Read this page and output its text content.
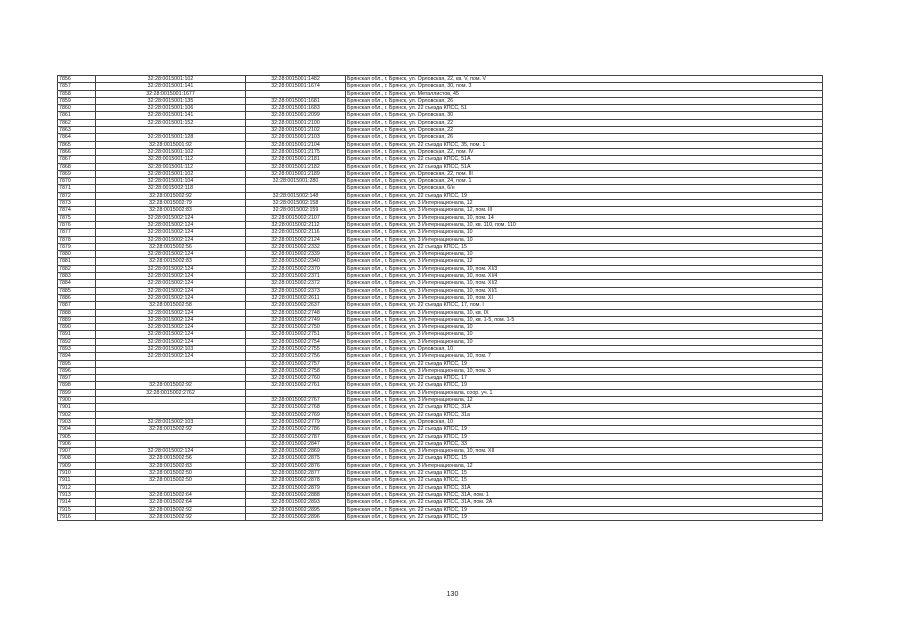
7856	32:28:0015001:102	32:28:0015001:1482	Брянская обл., г. Брянск, ул. Орловская, 22, кв. V, пом. V
7857	32:28:0015001:141	32:28:0015001:1674	Брянская обл., г. Брянск, ул. Орловская, 30, пом. 3
7858	32:28:0015001:1677		Брянская обл., г. Брянск, ул. Металлистов, 45
7859	32:28:0015001:135	32:28:0015001:1681	Брянская обл., г. Брянск, ул. Орловская, 26
7860	32:28:0015001:106	32:28:0015001:1683	Брянская обл., г. Брянск, ул. 22 съезда КПСС, 51
7861	32:28:0015001:141	32:28:0015001:2099	Брянская обл., г. Брянск, ул. Орловская, 30
7862	32:28:0015001:152	32:28:0015001:2100	Брянская обл., г. Брянск, ул. Орловская, 22
7863		32:28:0015001:2102	Брянская обл., г. Брянск, ул. Орловская, 22
7864	32:28:0015001:128	32:28:0015001:2103	Брянская обл., г. Брянск, ул. Орловская, 26
7865	32:28:0015001:92	32:28:0015001:2104	Брянская обл., г. Брянск, ул. 22 съезда КПСС, 35, пом. 1
7866	32:28:0015001:102	32:28:0015001:2175	Брянская обл., г. Брянск, ул. Орловская, 22, пом. IV
7867	32:28:0015001:112	32:28:0015001:2181	Брянская обл., г. Брянск, ул. 22 съезда КПСС, 51А
7868	32:28:0015001:112	32:28:0015001:2182	Брянская обл., г. Брянск, ул. 22 съезда КПСС, 51А
7869	32:28:0015001:102	32:28:0015001:2189	Брянская обл., г. Брянск, ул. Орловская, 22, пом. III
7870	32:28:0015001:104	32:28:0015001:280	Брянская обл., г. Брянск, ул. Орловская, 24, пом. 1
7871	32:28:0015002:118		Брянская обл., г. Брянск, ул. Орловская, 6/н
7872	32:28:0015002:92	32:28:0015002:148	Брянская обл., г. Брянск, ул. 22 съезда КПСС, 19
7873	32:28:0015002:79	32:28:0015002:158	Брянская обл., г. Брянск, ул. 3 Интернационала, 12
7874	32:28:0015002:83	32:28:0015002:159	Брянская обл., г. Брянск, ул. 3 Интернационала, 12, пом. III
7875	32:28:0015002:124	32:28:0015002:2107	Брянская обл., г. Брянск, ул. 3 Интернационала, 10, пом. 14
7876	32:28:0015002:124	32:28:0015002:2112	Брянская обл., г. Брянск, ул. 3 Интернационала, 10, кв. 110, пом. 110
7877	32:28:0015002:124	32:28:0015002:2116	Брянская обл., г. Брянск, ул. 3 Интернационала, 10
7878	32:28:0015002:124	32:28:0015002:2124	Брянская обл., г. Брянск, ул. 3 Интернационала, 10
7879	32:28:0015002:56	32:28:0015002:2332	Брянская обл., г. Брянск, ул. 22 съезда КПСС, 15
7880	32:28:0015002:124	32:28:0015002:2339	Брянская обл., г. Брянск, ул. 3 Интернационала, 10
7881	32:28:0015002:83	32:28:0015002:2340	Брянская обл., г. Брянск, ул. 3 Интернационала, 12
7882	32:28:0015002:124	32:28:0015002:2370	Брянская обл., г. Брянск, ул. 3 Интернационала, 10, пом. XI/3
7883	32:28:0015002:124	32:28:0015002:2371	Брянская обл., г. Брянск, ул. 3 Интернационала, 10, пом. XI/4
7884	32:28:0015002:124	32:28:0015002:2372	Брянская обл., г. Брянск, ул. 3 Интернационала, 10, пом. XI/2
7885	32:28:0015002:124	32:28:0015002:2373	Брянская обл., г. Брянск, ул. 3 Интернационала, 10, пом. XI/1
7886	32:28:0015002:124	32:28:0015002:2611	Брянская обл., г. Брянск, ул. 3 Интернационала, 10, пом. XI
7887	32:28:0015002:58	32:28:0015002:2637	Брянская обл., г. Брянск, ул. 22 съезда КПСС, 17, пом. I
7888	32:28:0015002:124	32:28:0015002:2748	Брянская обл., г. Брянск, ул. 3 Интернационала, 10, кв. IX
7889	32:28:0015002:124	32:28:0015002:2749	Брянская обл., г. Брянск, ул. 3 Интернационала, 10, кв. 1-5, пом. 1-5
7890	32:28:0015002:124	32:28:0015002:2750	Брянская обл., г. Брянск, ул. 3 Интернационала, 10
7891	32:28:0015002:124	32:28:0015002:2751	Брянская обл., г. Брянск, ул. 3 Интернационала, 10
7892	32:28:0015002:124	32:28:0015002:2754	Брянская обл., г. Брянск, ул. 3 Интернационала, 10
7893	32:28:0015002:103	32:28:0015002:2755	Брянская обл., г. Брянск, ул. Орловская, 10
7894	32:28:0015002:124	32:28:0015002:2756	Брянская обл., г. Брянск, ул. 3 Интернационала, 10, пом. 7
7895		32:28:0015002:2757	Брянская обл., г. Брянск, ул. 22 съезда КПСС, 19
7896		32:28:0015002:2758	Брянская обл., г. Брянск, ул. 3 Интернационала, 10, пом. 3
7897		32:28:0015002:2760	Брянская обл., г. Брянск, ул. 22 съезда КПСС, 17
7898	32:28:0015002:92	32:28:0015002:2761	Брянская обл., г. Брянск, ул. 22 съезда КПСС, 19
7899	32:28:0015002:2762		Брянская обл., г. Брянск, ул. 3 Интернационала, соор. уч. 1
7900		32:28:0015002:2767	Брянская обл., г. Брянск, ул. 3 Интернационала, 12
7901		32:28:0015002:2768	Брянская обл., г. Брянск, ул. 22 съезда КПСС, 31А
7902		32:28:0015002:2769	Брянская обл., г. Брянск, ул. 22 съезда КПСС, 31а
7903	32:28:0015002:103	32:28:0015002:2779	Брянская обл., г. Брянск, ул. Орловская, 10
7904	32:28:0015002:92	32:28:0015002:2786	Брянская обл., г. Брянск, ул. 22 съезда КПСС, 19
7905		32:28:0015002:2787	Брянская обл., г. Брянск, ул. 22 съезда КПСС, 19
7906		32:28:0015002:2847	Брянская обл., г. Брянск, ул. 22 съезда КПСС, 33
7907	32:28:0015002:124	32:28:0015002:2869	Брянская обл., г. Брянск, ул. 3 Интернационала, 10, пом. XII
7908	32:28:0015002:56	32:28:0015002:2875	Брянская обл., г. Брянск, ул. 22 съезда КПСС, 15
7909	32:28:0015002:83	32:28:0015002:2876	Брянская обл., г. Брянск, ул. 3 Интернационала, 12
7910	32:28:0015002:50	32:28:0015002:2877	Брянская обл., г. Брянск, ул. 22 съезда КПСС, 15
7911	32:28:0015002:50	32:28:0015002:2878	Брянская обл., г. Брянск, ул. 22 съезда КПСС, 15
7912		32:28:0015002:2879	Брянская обл., г. Брянск, ул. 22 съезда КПСС, 31А
7913	32:28:0015002:64	32:28:0015002:2888	Брянская обл., г. Брянск, ул. 22 съезда КПСС, 31А, пом. 1
7914	32:28:0015002:64	32:28:0015002:2893	Брянская обл., г. Брянск, ул. 22 съезда КПСС, 31А, пом. 2А
7915	32:28:0015002:92	32:28:0015002:2895	Брянская обл., г. Брянск, ул. 22 съезда КПСС, 19
7916	32:28:0015002:92	32:28:0015002:2896	Брянская обл., г. Брянск, ул. 22 съезда КПСС, 19
130
